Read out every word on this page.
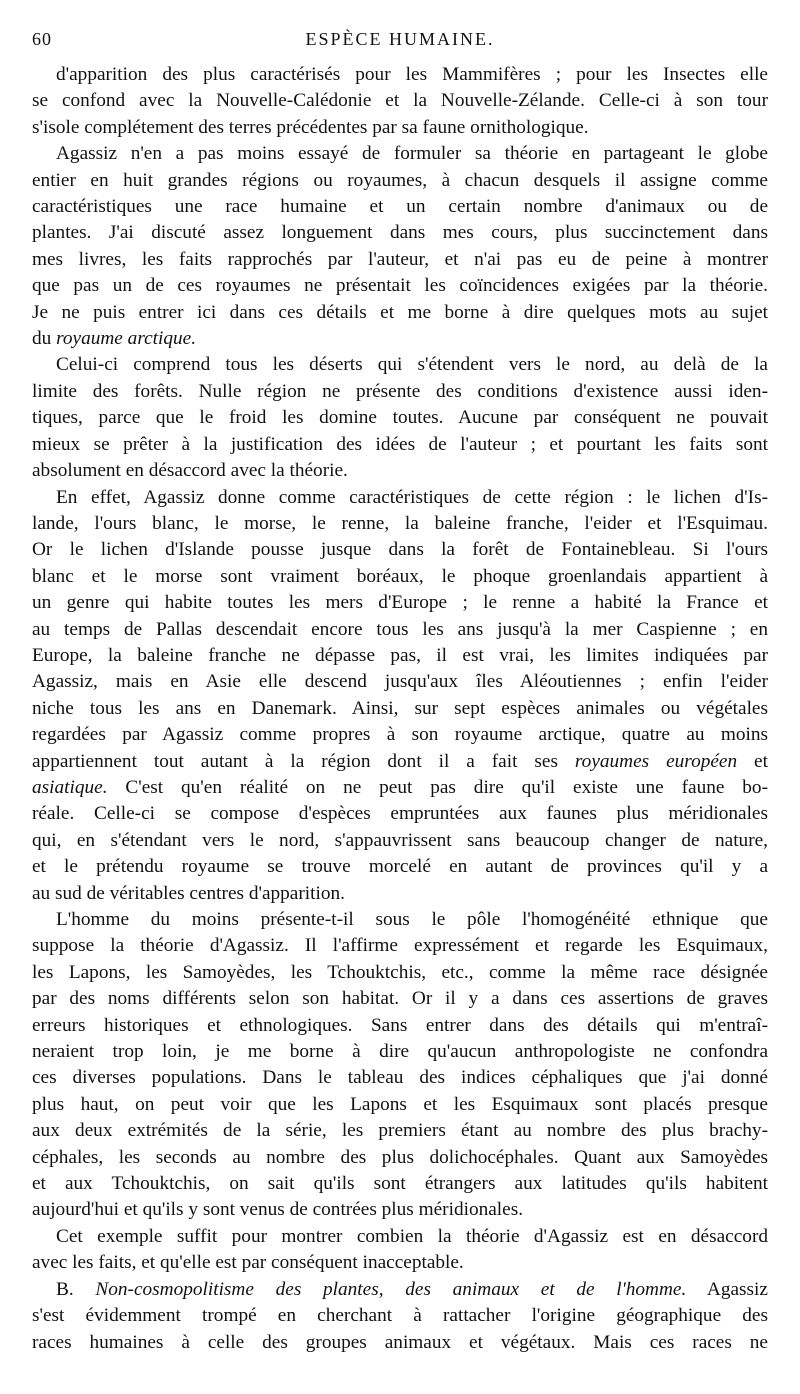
60	ESPÈCE HUMAINE.

d'apparition des plus caractérisés pour les Mammifères ; pour les Insectes elle
se confond avec la Nouvelle-Calédonie et la Nouvelle-Zélande. Celle-ci à son tour
s'isole complétement des terres précédentes par sa faune ornithologique.

Agassiz n'en a pas moins essayé de formuler sa théorie en partageant le globe
entier en huit grandes régions ou royaumes, à chacun desquels il assigne comme
caractéristiques une race humaine et un certain nombre d'animaux ou de
plantes. J'ai discuté assez longuement dans mes cours, plus succinctement dans
mes livres, les faits rapprochés par l'auteur, et n'ai pas eu de peine à montrer
que pas un de ces royaumes ne présentait les coïncidences exigées par la théorie.
Je ne puis entrer ici dans ces détails et me borne à dire quelques mots au sujet
du royaume arctique.

Celui-ci comprend tous les déserts qui s'étendent vers le nord, au delà de la
limite des forêts. Nulle région ne présente des conditions d'existence aussi iden-
tiques, parce que le froid les domine toutes. Aucune par conséquent ne pouvait
mieux se prêter à la justification des idées de l'auteur ; et pourtant les faits sont
absolument en désaccord avec la théorie.

En effet, Agassiz donne comme caractéristiques de cette région : le lichen d'Is-
lande, l'ours blanc, le morse, le renne, la baleine franche, l'eider et l'Esquimau.
Or le lichen d'Islande pousse jusque dans la forêt de Fontainebleau. Si l'ours
blanc et le morse sont vraiment boréaux, le phoque groenlandais appartient à
un genre qui habite toutes les mers d'Europe ; le renne a habité la France et
au temps de Pallas descendait encore tous les ans jusqu'à la mer Caspienne ; en
Europe, la baleine franche ne dépasse pas, il est vrai, les limites indiquées par
Agassiz, mais en Asie elle descend jusqu'aux îles Aléoutiennes ; enfin l'eider
niche tous les ans en Danemark. Ainsi, sur sept espèces animales ou végétales
regardées par Agassiz comme propres à son royaume arctique, quatre au moins
appartiennent tout autant à la région dont il a fait ses royaumes européen et
asiatique. C'est qu'en réalité on ne peut pas dire qu'il existe une faune bo-
réale. Celle-ci se compose d'espèces empruntées aux faunes plus méridionales
qui, en s'étendant vers le nord, s'appauvrissent sans beaucoup changer de nature,
et le prétendu royaume se trouve morcelé en autant de provinces qu'il y a
au sud de véritables centres d'apparition.

L'homme du moins présente-t-il sous le pôle l'homogénéité ethnique que
suppose la théorie d'Agassiz. Il l'affirme expressément et regarde les Esquimaux,
les Lapons, les Samoyèdes, les Tchouktchis, etc., comme la même race désignée
par des noms différents selon son habitat. Or il y a dans ces assertions de graves
erreurs historiques et ethnologiques. Sans entrer dans des détails qui m'entraî-
neraient trop loin, je me borne à dire qu'aucun anthropologiste ne confondra
ces diverses populations. Dans le tableau des indices céphaliques que j'ai donné
plus haut, on peut voir que les Lapons et les Esquimaux sont placés presque
aux deux extrémités de la série, les premiers étant au nombre des plus brachy-
céphales, les seconds au nombre des plus dolichocéphales. Quant aux Samoyèdes
et aux Tchouktchis, on sait qu'ils sont étrangers aux latitudes qu'ils habitent
aujourd'hui et qu'ils y sont venus de contrées plus méridionales.

Cet exemple suffit pour montrer combien la théorie d'Agassiz est en désaccord
avec les faits, et qu'elle est par conséquent inacceptable.

B. Non-cosmopolitisme des plantes, des animaux et de l'homme. Agassiz
s'est évidemment trompé en cherchant à rattacher l'origine géographique des
races humaines à celle des groupes animaux et végétaux. Mais ces races ne
